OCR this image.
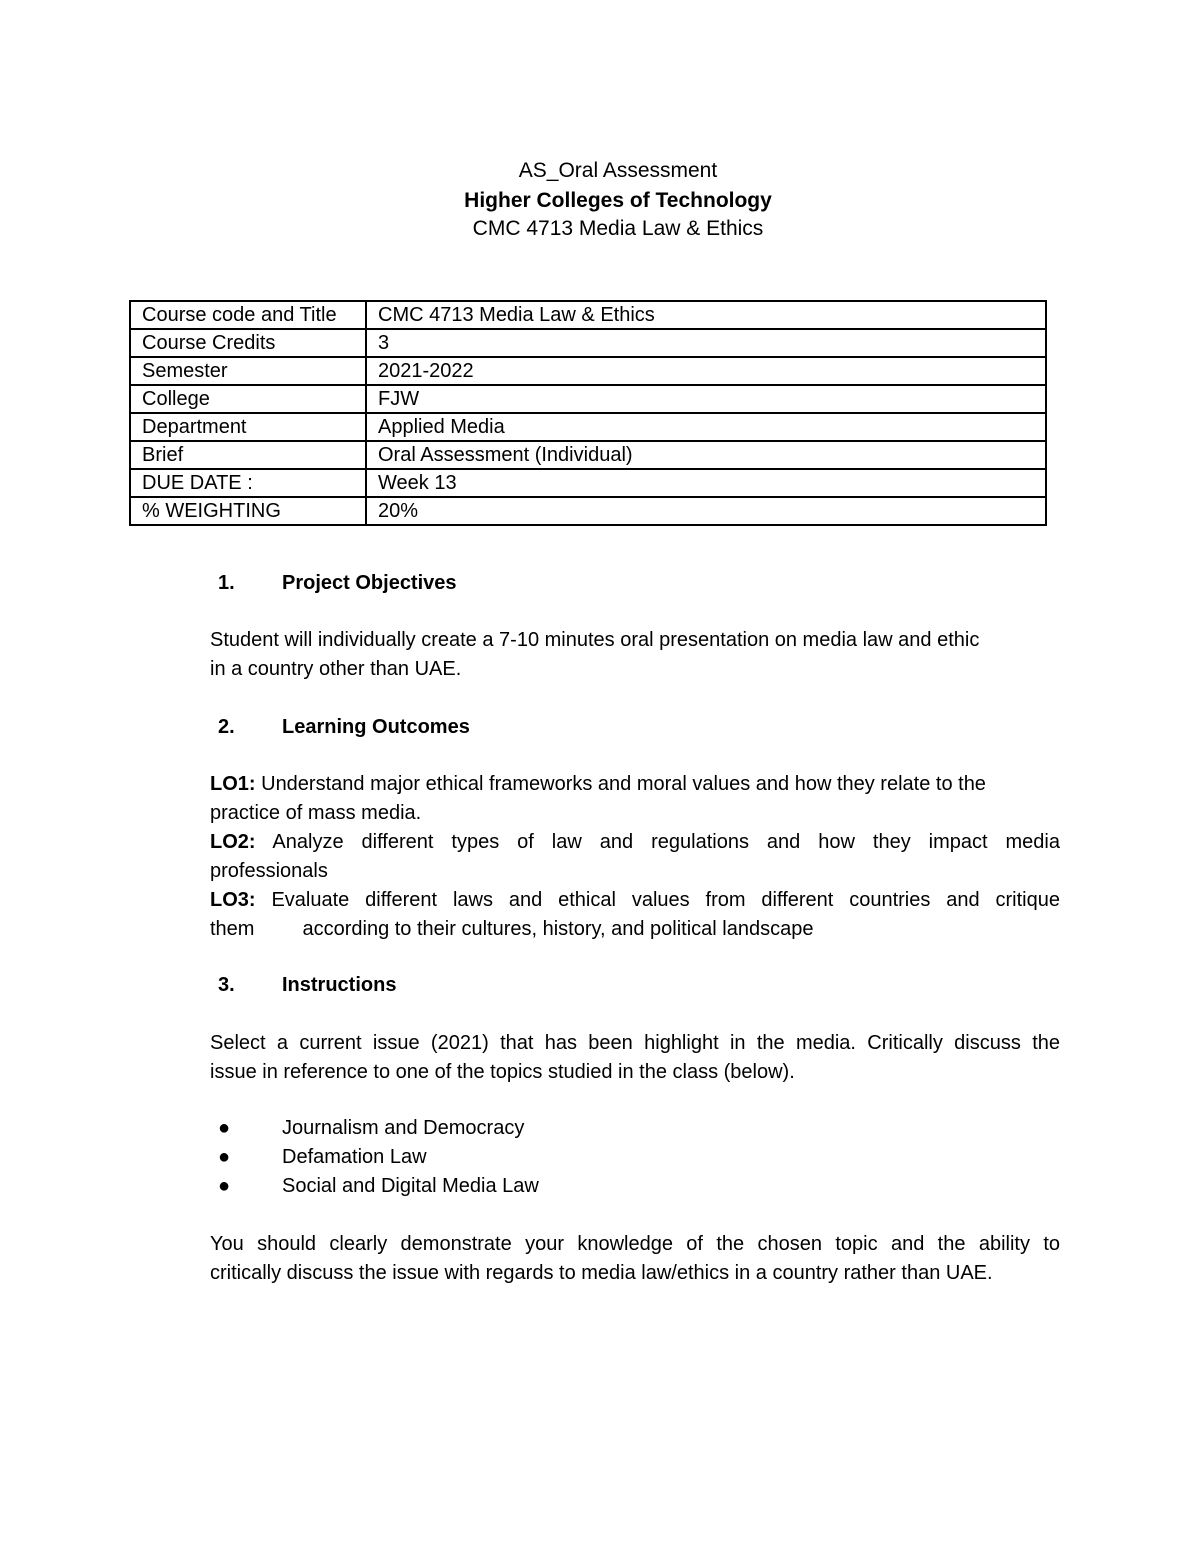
AS_Oral Assessment
Higher Colleges of Technology
CMC 4713 Media Law & Ethics
Course code and Title	CMC 4713 Media Law & Ethics
Course Credits	3
Semester	2021-2022
College	FJW
Department	Applied Media
Brief	Oral Assessment (Individual)
DUE DATE :	Week 13
% WEIGHTING	20%
1. Project Objectives
Student will individually create a 7-10 minutes oral presentation on media law and ethic
in a country other than UAE.
2. Learning Outcomes
LO1: Understand major ethical frameworks and moral values and how they relate to the
practice of mass media.
LO2: Analyze different types of law and regulations and how they impact media
professionals
LO3: Evaluate different laws and ethical values from different countries and critique
them according to their cultures, history, and political landscape
3. Instructions
Select a current issue (2021) that has been highlight in the media. Critically discuss the
issue in reference to one of the topics studied in the class (below).
●	Journalism and Democracy
●	Defamation Law
●	Social and Digital Media Law
You should clearly demonstrate your knowledge of the chosen topic and the ability to
critically discuss the issue with regards to media law/ethics in a country rather than UAE.
